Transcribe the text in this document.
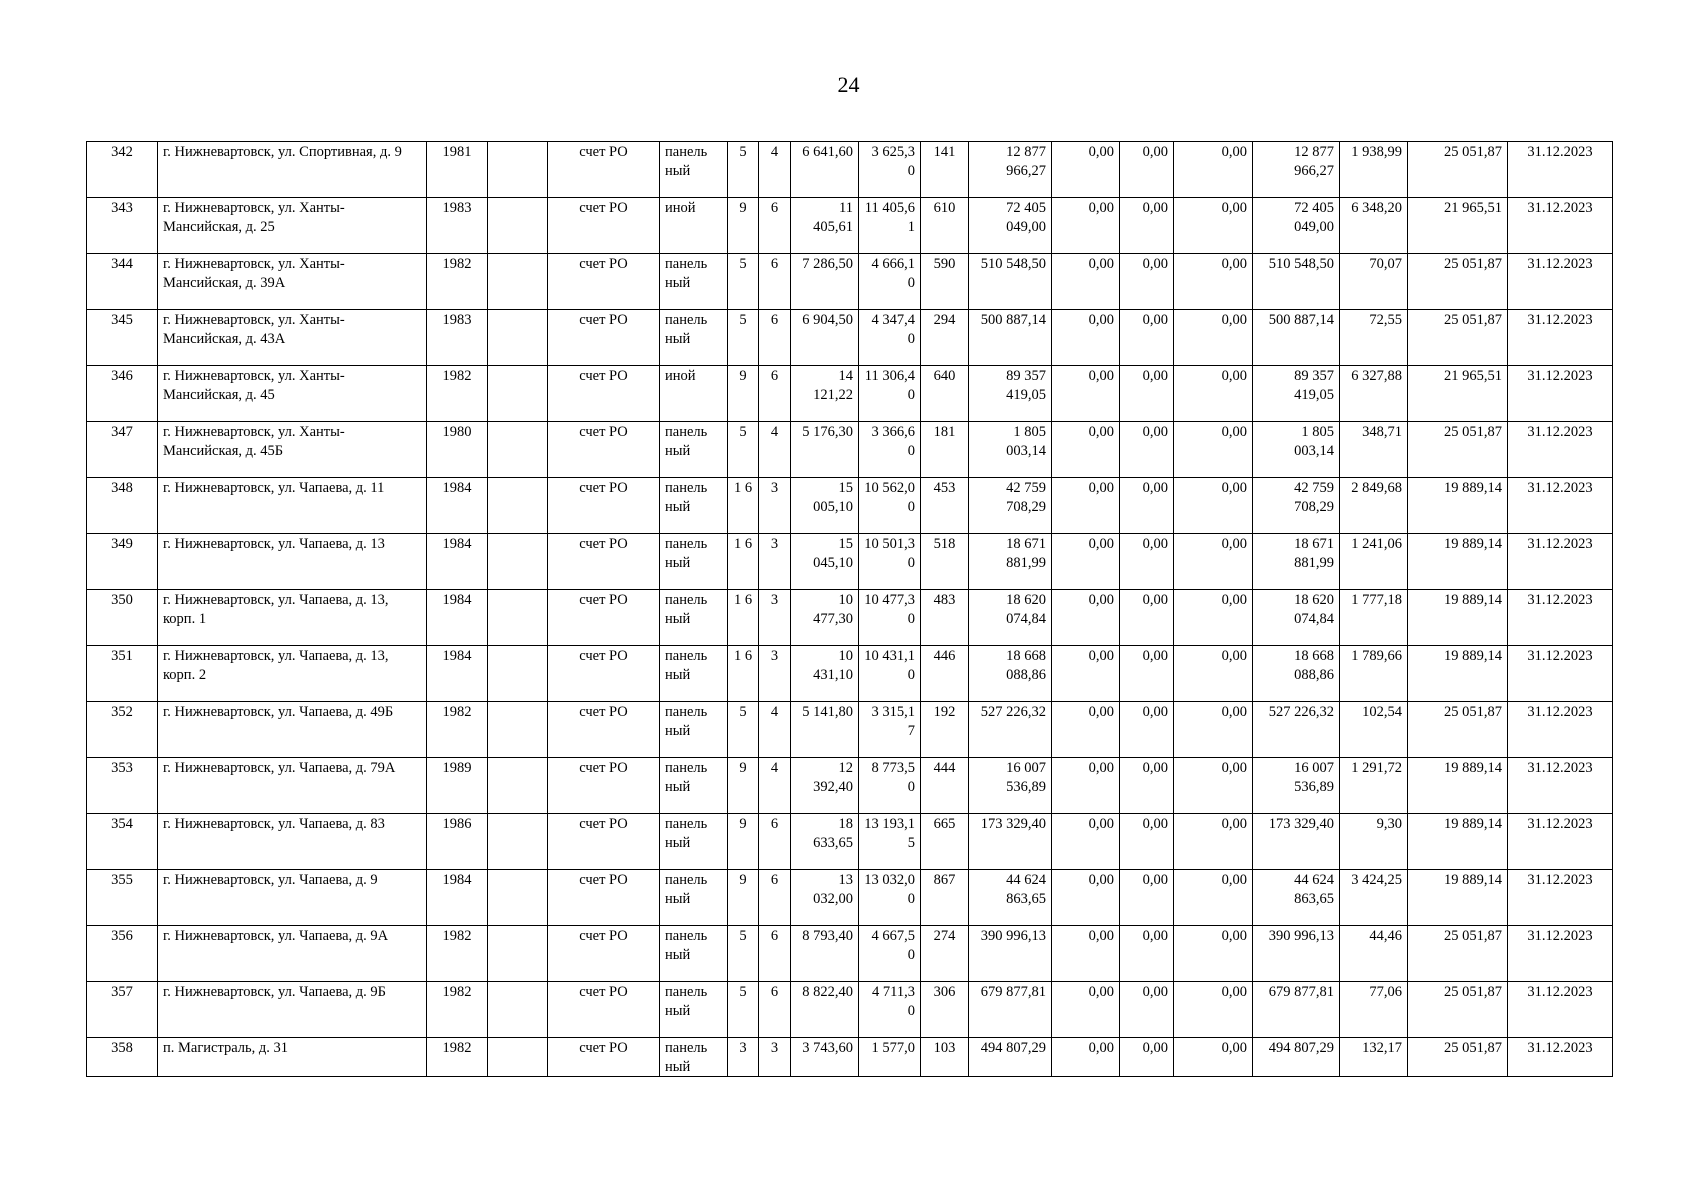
24
342	г. Нижневартовск, ул. Спортивная, д. 9	1981		счет РО	панель ный	5	4	6 641,60	3 625,3 0	141	12 877 966,27	0,00	0,00	0,00	12 877 966,27	1 938,99	25 051,87	31.12.2023
343	г. Нижневартовск, ул. Ханты-Мансийская, д. 25	1983		счет РО	иной	9	6	11 405,61	11 405,6 1	610	72 405 049,00	0,00	0,00	0,00	72 405 049,00	6 348,20	21 965,51	31.12.2023
344	г. Нижневартовск, ул. Ханты-Мансийская, д. 39А	1982		счет РО	панель ный	5	6	7 286,50	4 666,1 0	590	510 548,50	0,00	0,00	0,00	510 548,50	70,07	25 051,87	31.12.2023
345	г. Нижневартовск, ул. Ханты-Мансийская, д. 43А	1983		счет РО	панель ный	5	6	6 904,50	4 347,4 0	294	500 887,14	0,00	0,00	0,00	500 887,14	72,55	25 051,87	31.12.2023
346	г. Нижневартовск, ул. Ханты-Мансийская, д. 45	1982		счет РО	иной	9	6	14 121,22	11 306,4 0	640	89 357 419,05	0,00	0,00	0,00	89 357 419,05	6 327,88	21 965,51	31.12.2023
347	г. Нижневартовск, ул. Ханты-Мансийская, д. 45Б	1980		счет РО	панель ный	5	4	5 176,30	3 366,6 0	181	1 805 003,14	0,00	0,00	0,00	1 805 003,14	348,71	25 051,87	31.12.2023
348	г. Нижневартовск, ул. Чапаева, д. 11	1984		счет РО	панель ный	1 6	3	15 005,10	10 562,0 0	453	42 759 708,29	0,00	0,00	0,00	42 759 708,29	2 849,68	19 889,14	31.12.2023
349	г. Нижневартовск, ул. Чапаева, д. 13	1984		счет РО	панель ный	1 6	3	15 045,10	10 501,3 0	518	18 671 881,99	0,00	0,00	0,00	18 671 881,99	1 241,06	19 889,14	31.12.2023
350	г. Нижневартовск, ул. Чапаева, д. 13, корп. 1	1984		счет РО	панель ный	1 6	3	10 477,30	10 477,3 0	483	18 620 074,84	0,00	0,00	0,00	18 620 074,84	1 777,18	19 889,14	31.12.2023
351	г. Нижневартовск, ул. Чапаева, д. 13, корп. 2	1984		счет РО	панель ный	1 6	3	10 431,10	10 431,1 0	446	18 668 088,86	0,00	0,00	0,00	18 668 088,86	1 789,66	19 889,14	31.12.2023
352	г. Нижневартовск, ул. Чапаева, д. 49Б	1982		счет РО	панель ный	5	4	5 141,80	3 315,1 7	192	527 226,32	0,00	0,00	0,00	527 226,32	102,54	25 051,87	31.12.2023
353	г. Нижневартовск, ул. Чапаева, д. 79А	1989		счет РО	панель ный	9	4	12 392,40	8 773,5 0	444	16 007 536,89	0,00	0,00	0,00	16 007 536,89	1 291,72	19 889,14	31.12.2023
354	г. Нижневартовск, ул. Чапаева, д. 83	1986		счет РО	панель ный	9	6	18 633,65	13 193,1 5	665	173 329,40	0,00	0,00	0,00	173 329,40	9,30	19 889,14	31.12.2023
355	г. Нижневартовск, ул. Чапаева, д. 9	1984		счет РО	панель ный	9	6	13 032,00	13 032,0 0	867	44 624 863,65	0,00	0,00	0,00	44 624 863,65	3 424,25	19 889,14	31.12.2023
356	г. Нижневартовск, ул. Чапаева, д. 9А	1982		счет РО	панель ный	5	6	8 793,40	4 667,5 0	274	390 996,13	0,00	0,00	0,00	390 996,13	44,46	25 051,87	31.12.2023
357	г. Нижневартовск, ул. Чапаева, д. 9Б	1982		счет РО	панель ный	5	6	8 822,40	4 711,3 0	306	679 877,81	0,00	0,00	0,00	679 877,81	77,06	25 051,87	31.12.2023
358	п. Магистраль, д. 31	1982		счет РО	панель ный	3	3	3 743,60	1 577,0	103	494 807,29	0,00	0,00	0,00	494 807,29	132,17	25 051,87	31.12.2023
